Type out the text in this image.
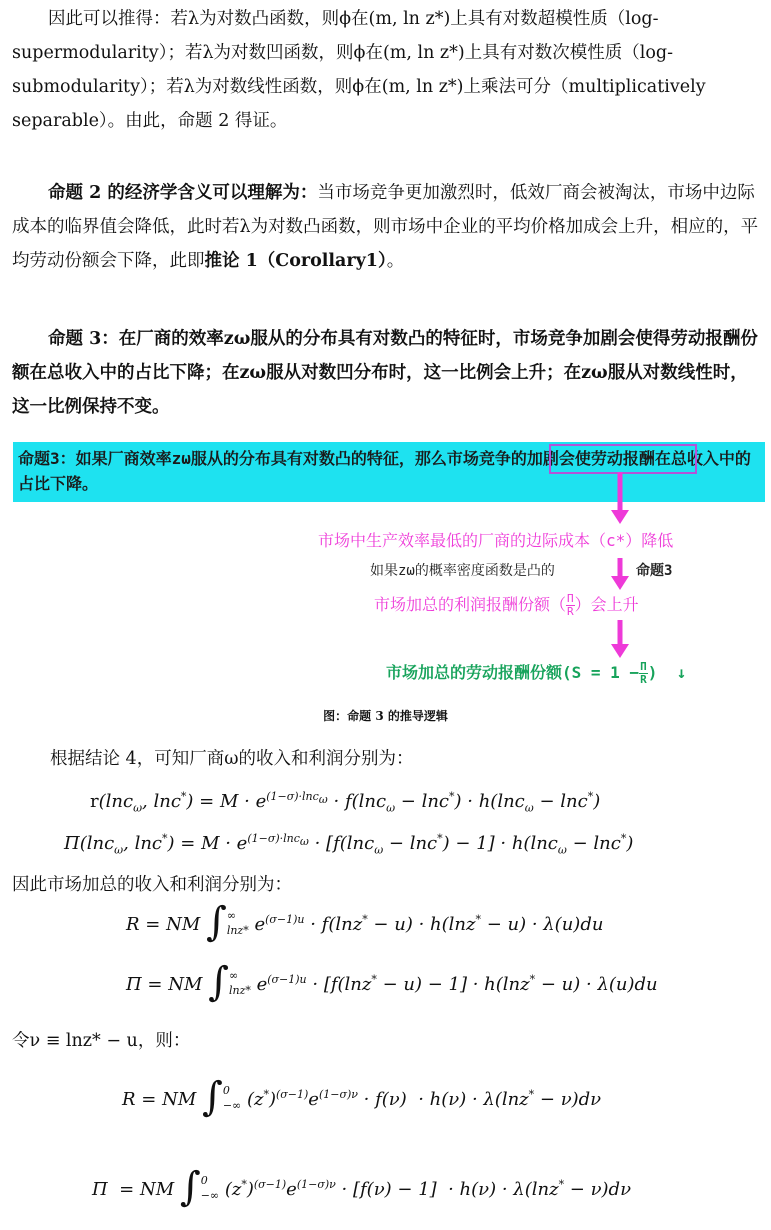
因此可以推得：若λ为对数凸函数，则ϕ在(m, ln z*)上具有对数超模性质（log-supermodularity）；若λ为对数凹函数，则ϕ在(m, ln z*)上具有对数次模性质（log-submodularity）；若λ为对数线性函数，则ϕ在(m, ln z*)上乘法可分（multiplicatively separable）。由此，命题 2 得证。
命题 2 的经济学含义可以理解为：当市场竞争更加激烈时，低效厂商会被淘汰，市场中边际成本的临界值会降低，此时若λ为对数凸函数，则市场中企业的平均价格加成会上升，相应的，平均劳动份额会下降，此即推论 1（Corollary1）。
命题 3：在厂商的效率zω服从的分布具有对数凸的特征时，市场竞争加剧会使得劳动报酬份额在总收入中的占比下降；在zω服从对数凹分布时，这一比例会上升；在zω服从对数线性时，这一比例保持不变。
命题3：如果厂商效率zω服从的分布具有对数凸的特征，那么市场竞争的加剧会使劳动报酬在总收入中的占比下降。
市场中生产效率最低的厂商的边际成本（c*）降低
如果zω的概率密度函数是凸的	命题3
市场加总的利润报酬份额（ $\frac{\Pi}{R}$ ）会上升
市场加总的劳动报酬份额($S = 1 - \frac{\Pi}{R}$ ) ↓
图：命题 3 的推导逻辑
根据结论 4，可知厂商ω的收入和利润分别为：
r(lnc$_\omega$, $\ln c^*) = M \cdot e^{(1-\sigma)\cdot lnc_\omega} \cdot f(\ln c_\omega - \ln c^*) \cdot h(\ln c_\omega - \ln c^*)$
Π(lnc$_\omega$, $\ln c^*) = M \cdot e^{(1-\sigma)\cdot lnc_\omega} \cdot [f(\ln c_\omega - \ln c^*) - 1] \cdot h(\ln c_\omega - \ln c^*)$
因此市场加总的收入和利润分别为：
R = NM ∫ ∞
lnz* $e^{(\sigma-1)u} \cdot f(\ln z^* - u) \cdot h(\ln z^* - u) \cdot \lambda(u)du$
Π = NM ∫ ∞
lnz* $e^{(\sigma-1)u} \cdot [f(\ln z^* - u) - 1] \cdot h(\ln z^* - u) \cdot \lambda(u)du$
令ν ≡ lnz* − u，则：
R = NM ∫ 0
−∞ $(z^*)^{(\sigma-1)}e^{(1-\sigma)\nu} \cdot f(\nu) \cdot h(\nu) \cdot \lambda(\ln z^* - \nu)d\nu$
Π  = NM ∫ 0
−∞ $(z^*)^{(\sigma-1)}e^{(1-\sigma)\nu} \cdot [f(\nu) - 1] \cdot h(\nu) \cdot \lambda(\ln z^* - \nu)d\nu$
